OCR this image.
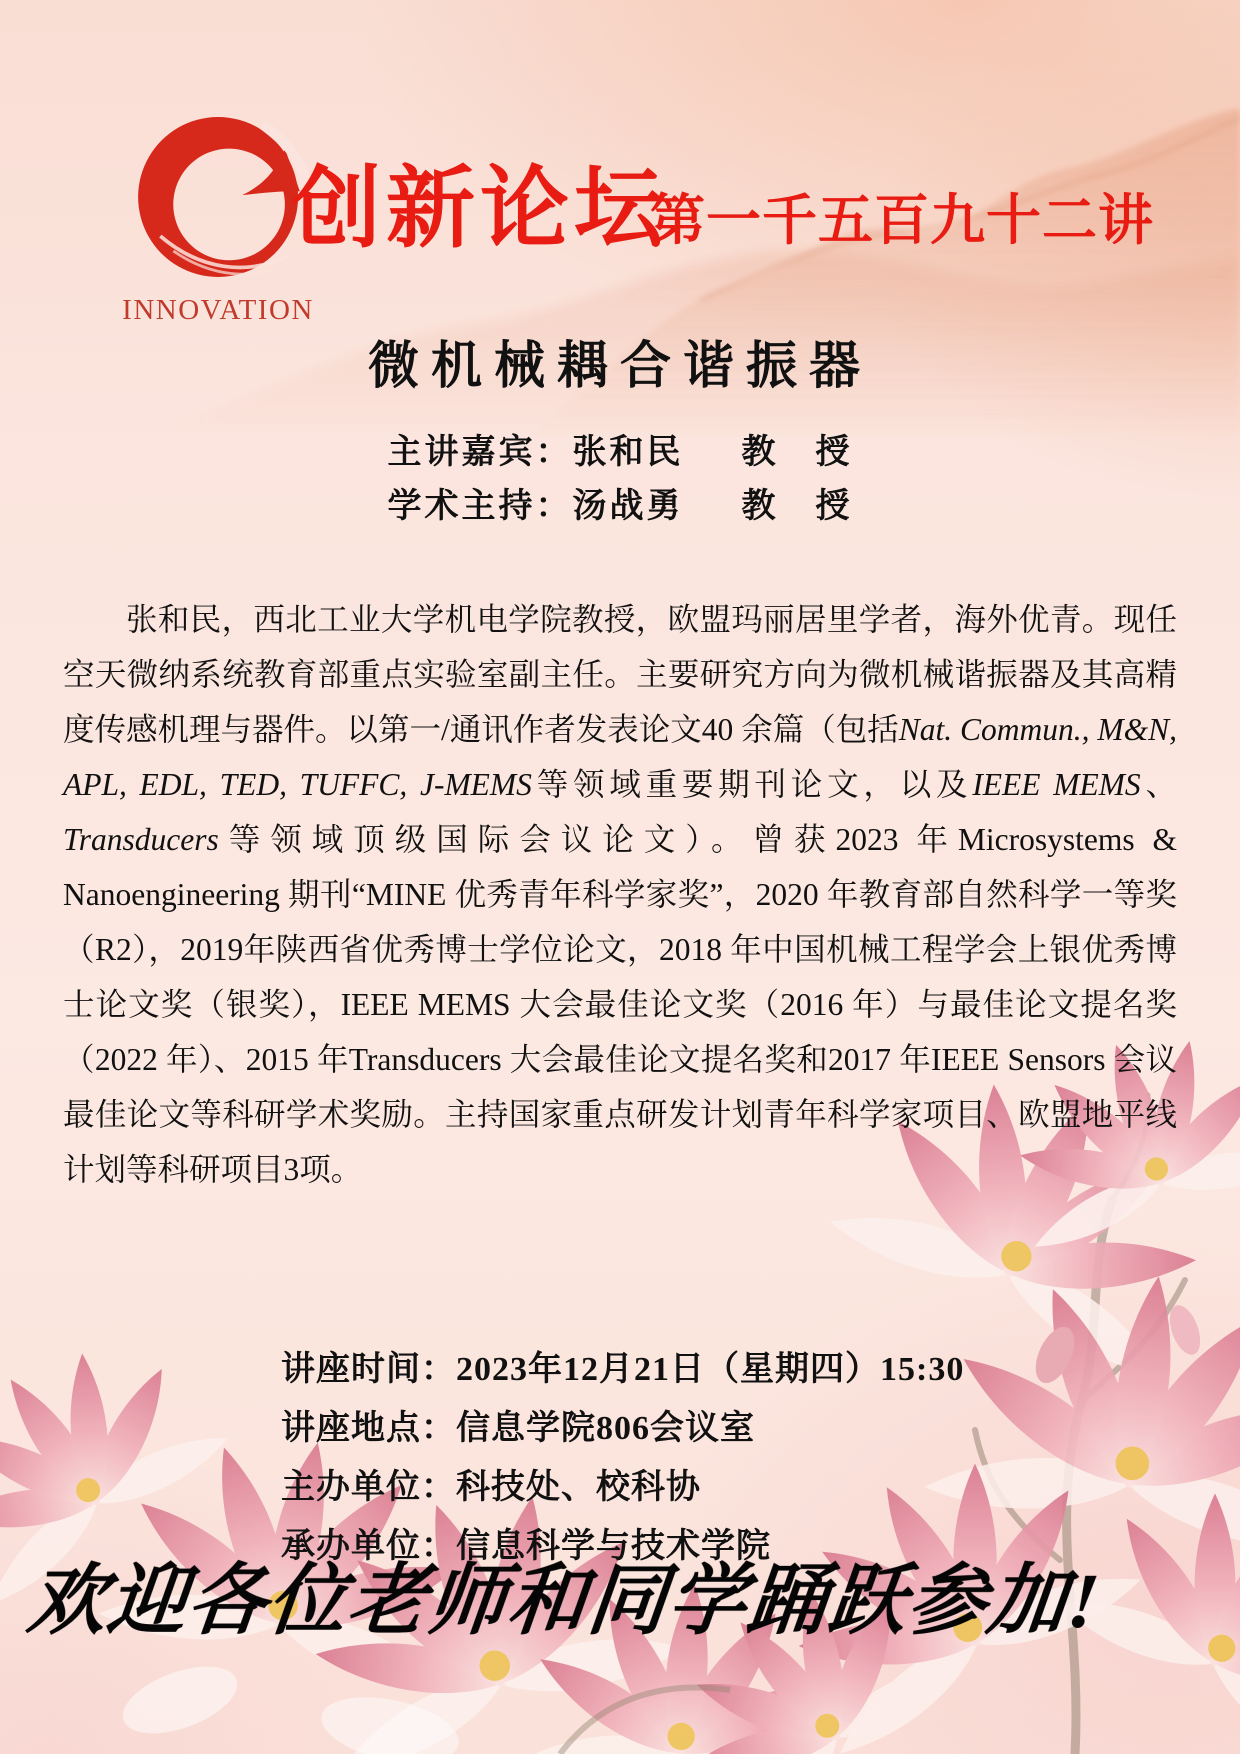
INNOVATION
创新论坛
第一千五百九十二讲
微机械耦合谐振器
主讲嘉宾： 张和民 教　授
学术主持： 汤战勇 教　授

张和民，西北工业大学机电学院教授，欧盟玛丽居里学者，海外优青。现任空天微纳系统教育部重点实验室副主任。主要研究方向为微机械谐振器及其高精度传感机理与器件。以第一/通讯作者发表论文40 余篇（包括Nat. Commun., M&N, APL, EDL, TED, TUFFC, J-MEMS等领域重要期刊论文，以及IEEE MEMS、Transducers等领域顶级国际会议论文）。曾获2023 年Microsystems & Nanoengineering 期刊“MINE 优秀青年科学家奖”，2020 年教育部自然科学一等奖（R2），2019年陕西省优秀博士学位论文，2018 年中国机械工程学会上银优秀博士论文奖（银奖），IEEE MEMS 大会最佳论文奖（2016 年）与最佳论文提名奖（2022 年）、2015 年Transducers 大会最佳论文提名奖和2017 年IEEE Sensors 会议最佳论文等科研学术奖励。主持国家重点研发计划青年科学家项目、欧盟地平线计划等科研项目3项。

讲座时间：2023年12月21日（星期四）15:30
讲座地点：信息学院806会议室
主办单位：科技处、校科协
承办单位：信息科学与技术学院
欢迎各位老师和同学踊跃参加!
